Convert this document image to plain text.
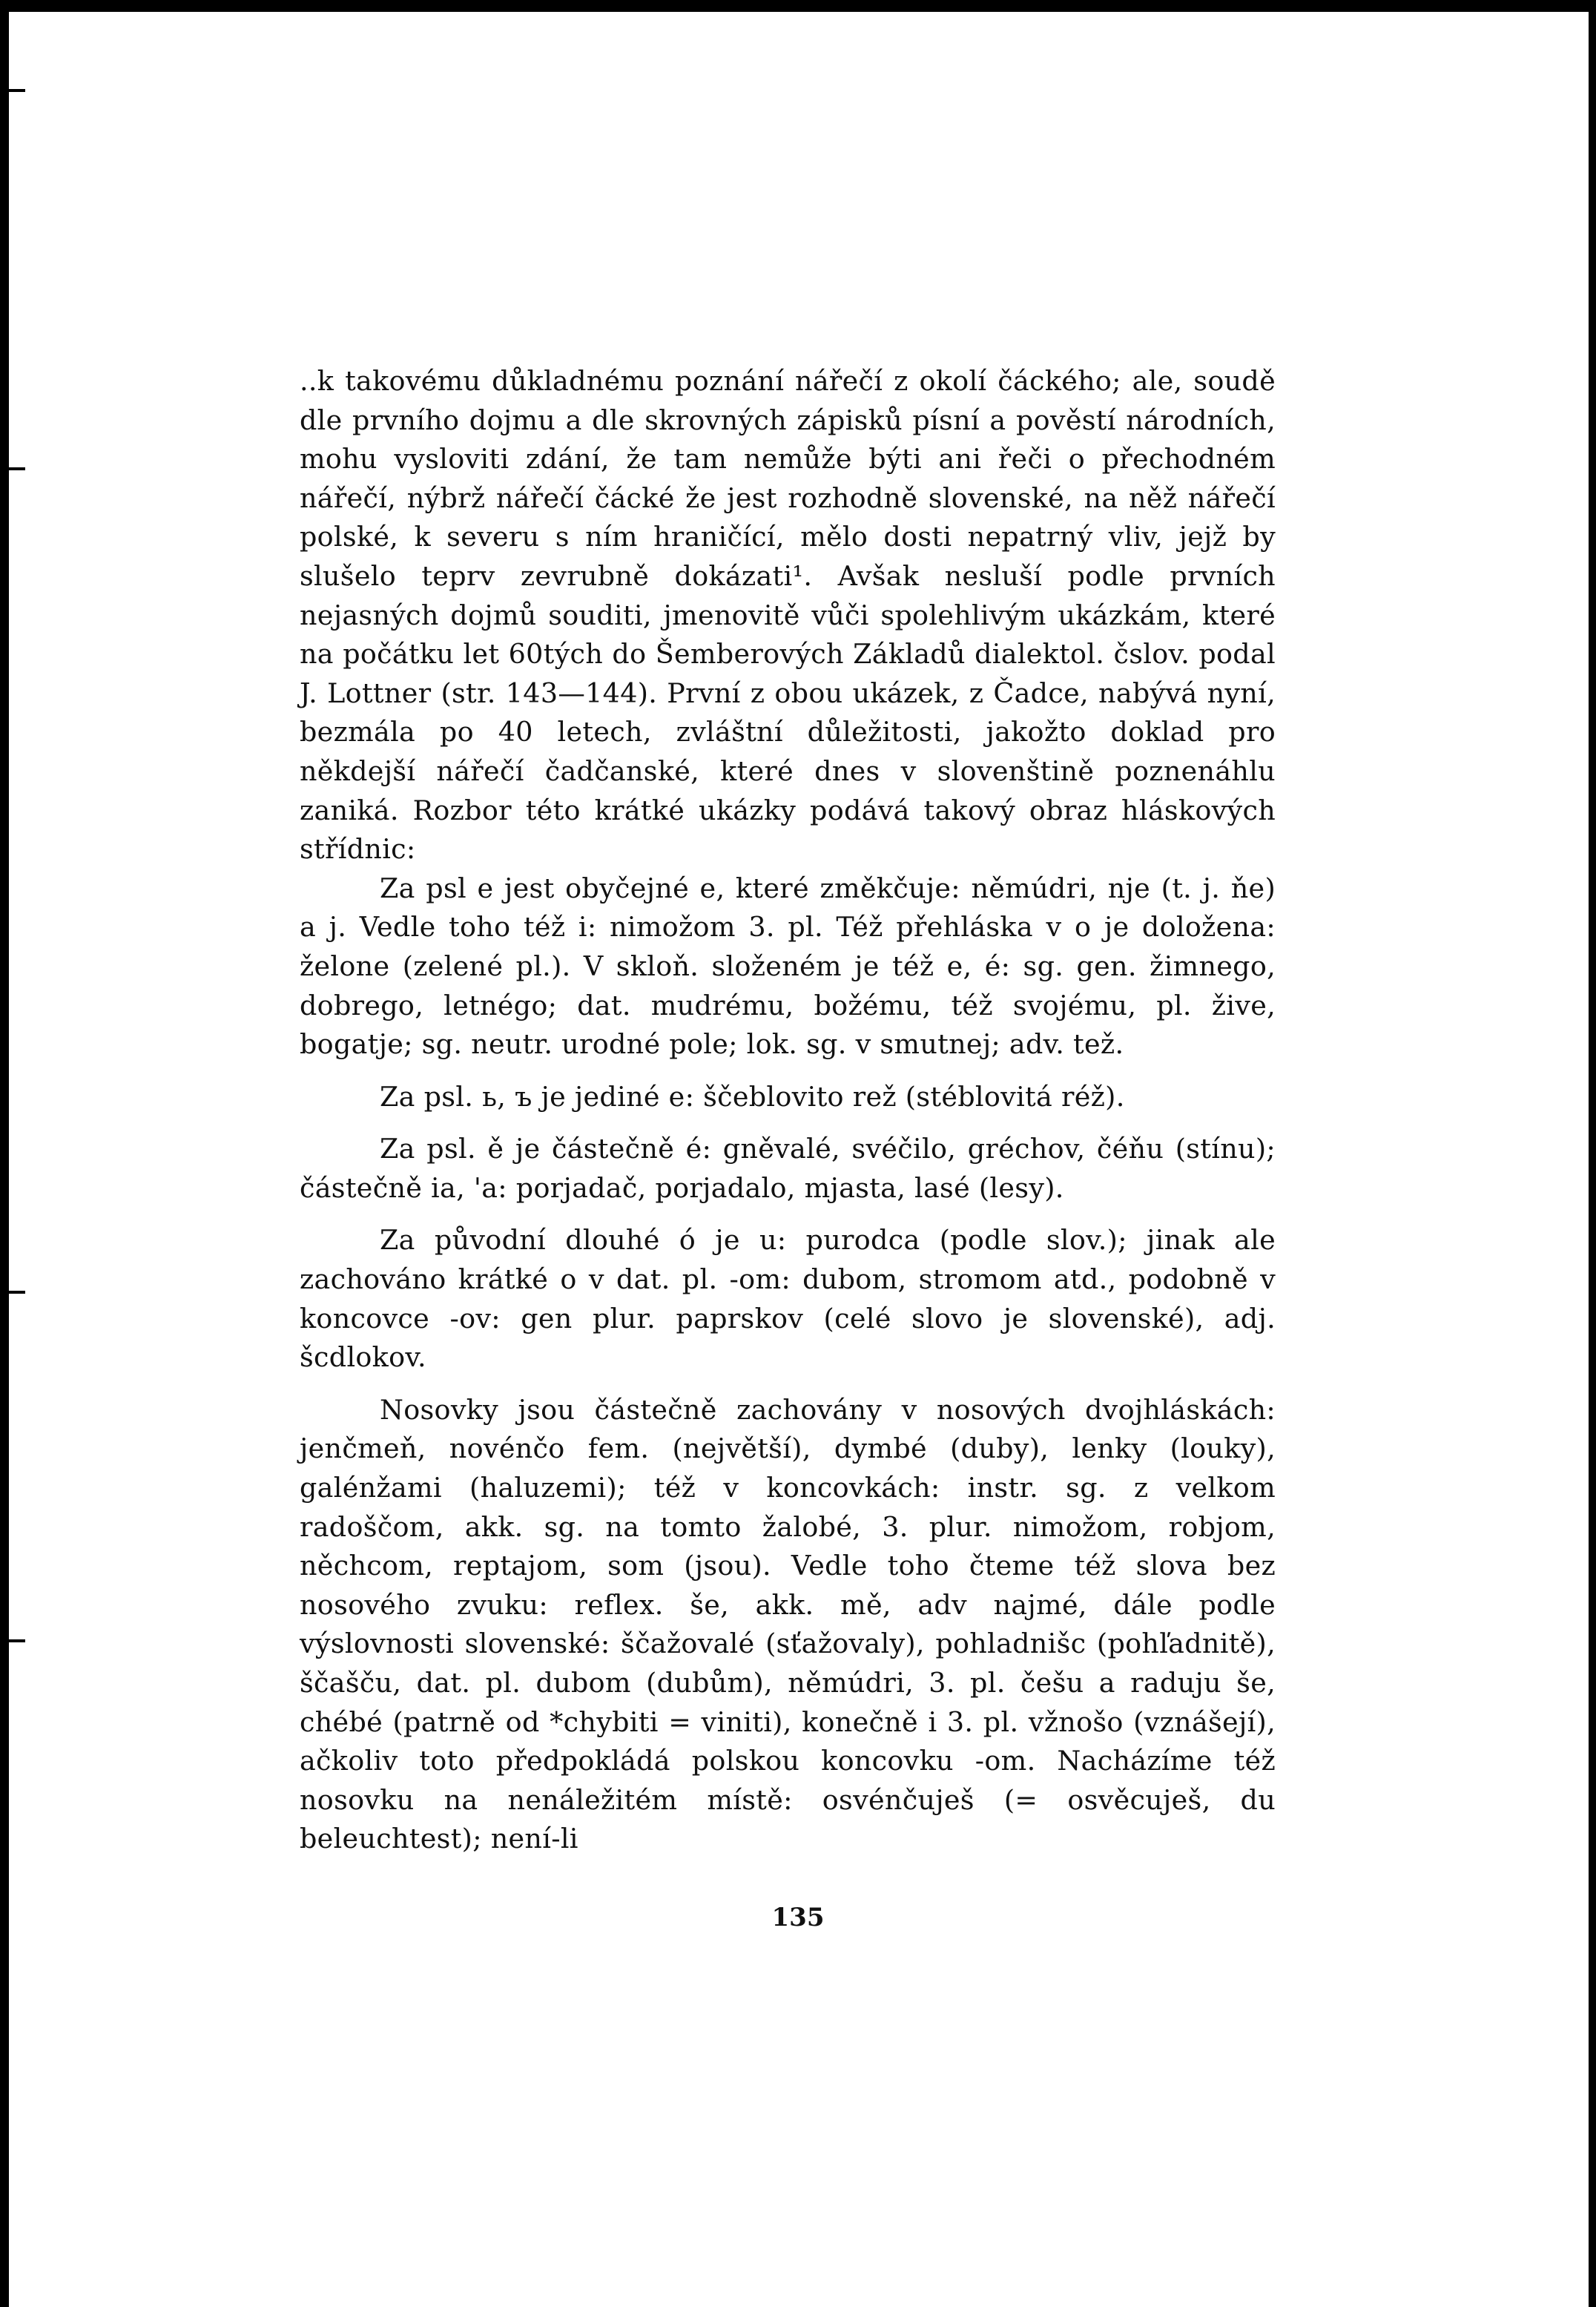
..k takovému důkladnému poznání nářečí z okolí čáckého; ale, soudě dle prvního dojmu a dle skrovných zápisků písní a pověstí národních, mohu vysloviti zdání, že tam nemůže býti ani řeči o přechodném nářečí, nýbrž nářečí čácké že jest rozhodně slovenské, na něž nářečí polské, k severu s ním hraničící, mělo dosti nepatrný vliv, jejž by slušelo teprv zevrubně dokázati¹. Avšak nesluší podle prvních nejasných dojmů souditi, jmenovitě vůči spolehlivým ukázkám, které na počátku let 60tých do Šemberových Základů dialektol. čslov. podal J. Lottner (str. 143—144). První z obou ukázek, z Čadce, nabývá nyní, bezmála po 40 letech, zvláštní důležitosti, jakožto doklad pro někdejší nářečí čadčanské, které dnes v slovenštině poznenáhlu zaniká. Rozbor této krátké ukázky podává takový obraz hláskových střídnic:

Za psl e jest obyčejné e, které změkčuje: němúdri, nje (t. j. ňe) a j. Vedle toho též i: nimožom 3. pl. Též přehláska v o je doložena: želone (zelené pl.). V skloň. složeném je též e, é: sg. gen. žimnego, dobrego, letnégo; dat. mudrému, božému, též svojému, pl. žive, bogatje; sg. neutr. urodné pole; lok. sg. v smutnej; adv. tež.

Za psl. ь, ъ je jediné e: ščeblovito rež (stéblovitá réž).

Za psl. ě je částečně é: gněvalé, svéčilo, gréchov, čéňu (stínu); částečně ia, 'a: porjadač, porjadalo, mjasta, lasé (lesy).

Za původní dlouhé ó je u: purodca (podle slov.); jinak ale zachováno krátké o v dat. pl. -om: dubom, stromom atd., podobně v koncovce -ov: gen plur. paprskov (celé slovo je slovenské), adj. šcdlokov.

Nosovky jsou částečně zachovány v nosových dvojhláskách: jenčmeň, novénčo fem. (největší), dymbé (duby), lenky (louky), galénžami (haluzemi); též v koncovkách: instr. sg. z velkom radoščom, akk. sg. na tomto žalobé, 3. plur. nimožom, robjom, něchcom, reptajom, som (jsou). Vedle toho čteme též slova bez nosového zvuku: reflex. še, akk. mě, adv najmé, dále podle výslovnosti slovenské: ščažovalé (sťažovaly), pohladnišc (pohľadnitě), ščašču, dat. pl. dubom (dubům), němúdri, 3. pl. češu a raduju še, chébé (patrně od *chybiti = viniti), konečně i 3. pl. vžnošo (vznášejí), ačkoliv toto předpokládá polskou koncovku -om. Nacházíme též nosovku na nenáležitém místě: osvénčuješ (= osvěcuješ, du beleuchtest); není-li

135
